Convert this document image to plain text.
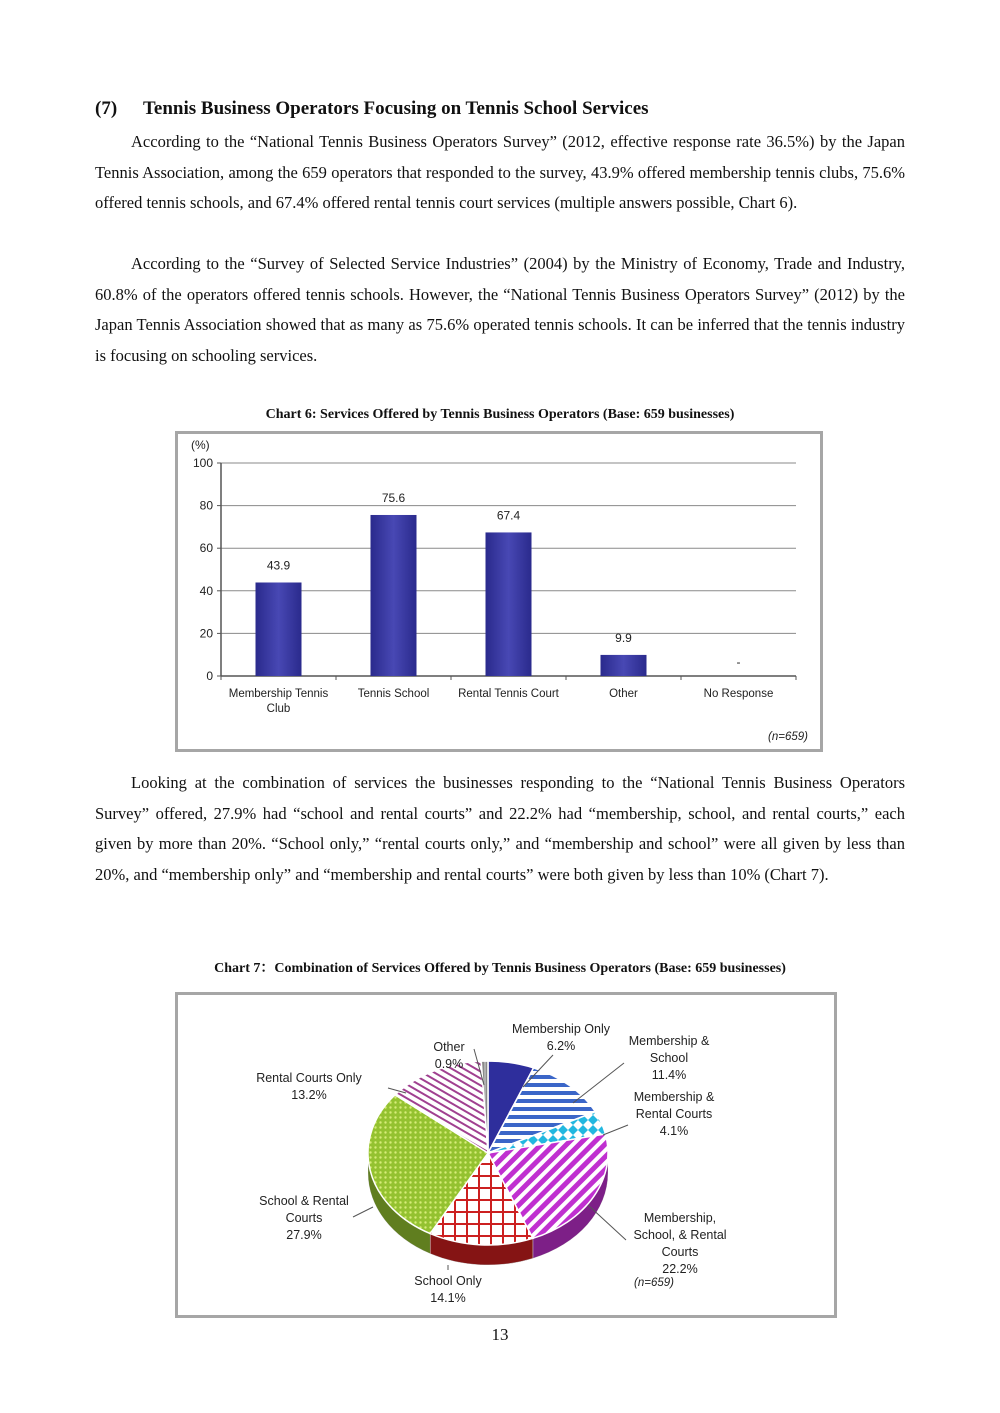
(7) Tennis Business Operators Focusing on Tennis School Services

According to the “National Tennis Business Operators Survey” (2012, effective response rate 36.5%) by the Japan Tennis Association, among the 659 operators that responded to the survey, 43.9% offered membership tennis clubs, 75.6% offered tennis schools, and 67.4% offered rental tennis court services (multiple answers possible, Chart 6).

According to the “Survey of Selected Service Industries” (2004) by the Ministry of Economy, Trade and Industry, 60.8% of the operators offered tennis schools. However, the “National Tennis Business Operators Survey” (2012) by the Japan Tennis Association showed that as many as 75.6% operated tennis schools. It can be inferred that the tennis industry is focusing on schooling services.

Chart 6: Services Offered by Tennis Business Operators (Base: 659 businesses)
0
20
40
60
80
100
(%)
43.9
Membership Tennis
Club
75.6
Tennis School
67.4
Rental Tennis Court
9.9
Other
-
No Response
(n=659)

Looking at the combination of services the businesses responding to the “National Tennis Business Operators Survey” offered, 27.9% had “school and rental courts” and 22.2% had “membership, school, and rental courts,” each given by more than 20%. “School only,” “rental courts only,” and “membership and school” were all given by less than 20%, and “membership only” and “membership and rental courts” were both given by less than 10% (Chart 7).

Chart 7：Combination of Services Offered by Tennis Business Operators (Base: 659 businesses)
Membership Only
6.2%	Membership &
School
11.4%
Membership &
Rental Courts
4.1%
Membership,
School, & Rental
Courts
22.2%
School Only
14.1%
School & Rental
Courts
27.9%
Rental Courts Only
13.2%
Other
0.9%
(n=659)
13
